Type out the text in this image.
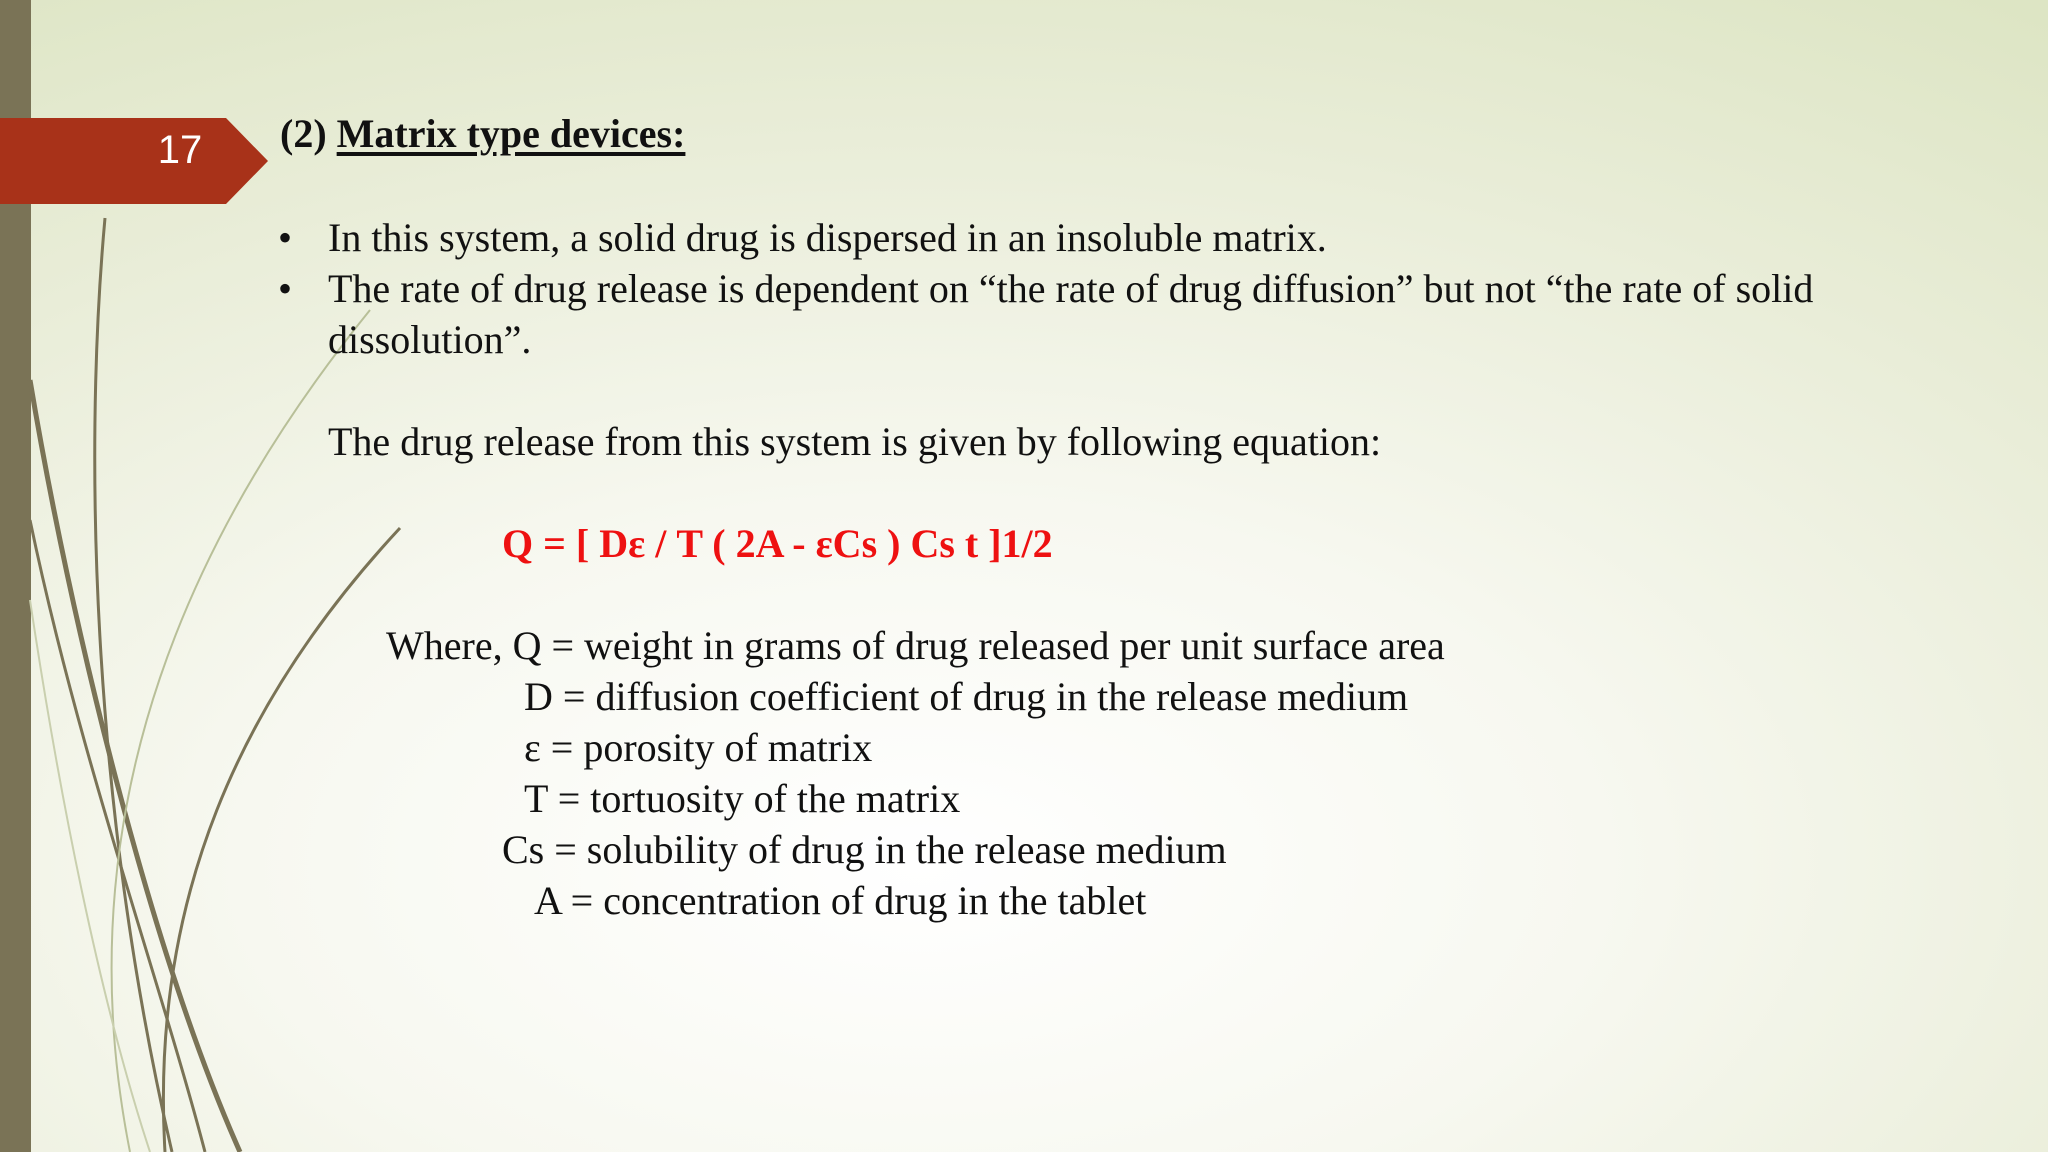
17 (2) Matrix type devices:
• In this system, a solid drug is dispersed in an insoluble matrix.
• The rate of drug release is dependent on “the rate of drug diffusion” but not “the rate of solid dissolution”.
The drug release from this system is given by following equation:
Q = [ Dε / T ( 2A - εCs ) Cs t ]1/2
Where, Q = weight in grams of drug released per unit surface area
D = diffusion coefficient of drug in the release medium
ε = porosity of matrix
T = tortuosity of the matrix
Cs = solubility of drug in the release medium
A = concentration of drug in the tablet
